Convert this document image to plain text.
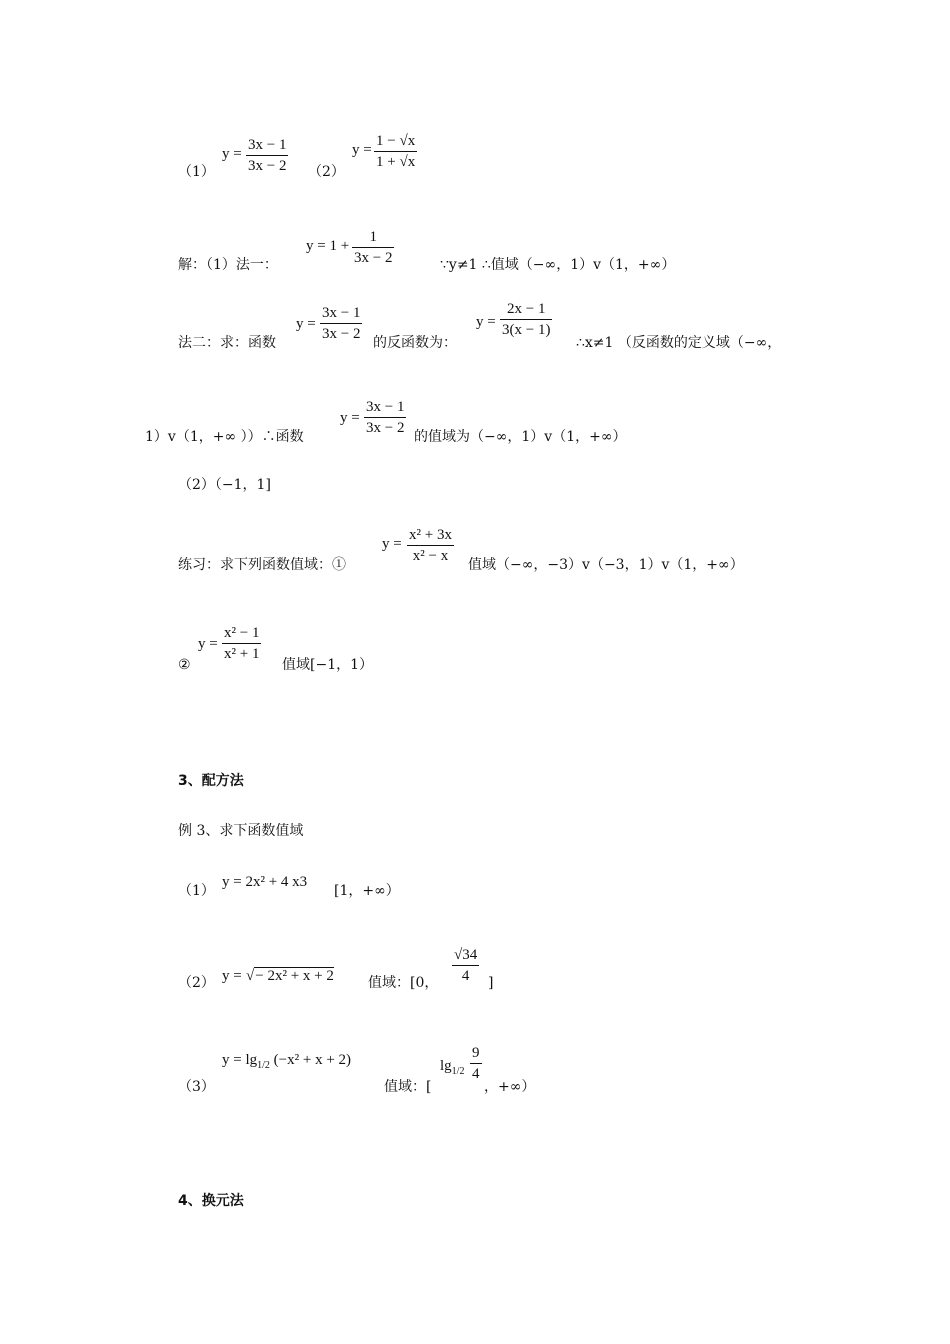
（1）
y =
3x − 1
3x − 2 （2）
y =
1 − √x
1 + √x
解：（1）法一：
y = 1 +
1
3x − 2	∵y≠1 ∴值域（−∞，1）v（1，+∞）
法二：求：函数
y =
3x − 1
3x − 2
的反函数为：
y =
2x − 1
3(x − 1)
∴x≠1 （反函数的定义域（−∞，
1）v（1，+∞ ））∴函数
y =
3x − 1
3x − 2
的值域为（−∞，1）v（1，+∞）
（2）（−1，1]
练习：求下列函数值域：①
y =
x² + 3x
x² − x
值域（−∞，−3）v（−3，1）v（1，+∞）
②
y =
x² − 1
x² + 1
值域[−1，1）
3、配方法
例 3、求下函数值域
（1）
y = 2x² + 4 x3
[1，+∞）
（2） y = √− 2x² + x + 2 值域：[0，
√34
4	]
（3）
$y = \lg_{1/2} (-x^2 + x + 2)$
值域：[
$\lg_{1/2}$
9
4
，+∞）
4、换元法
